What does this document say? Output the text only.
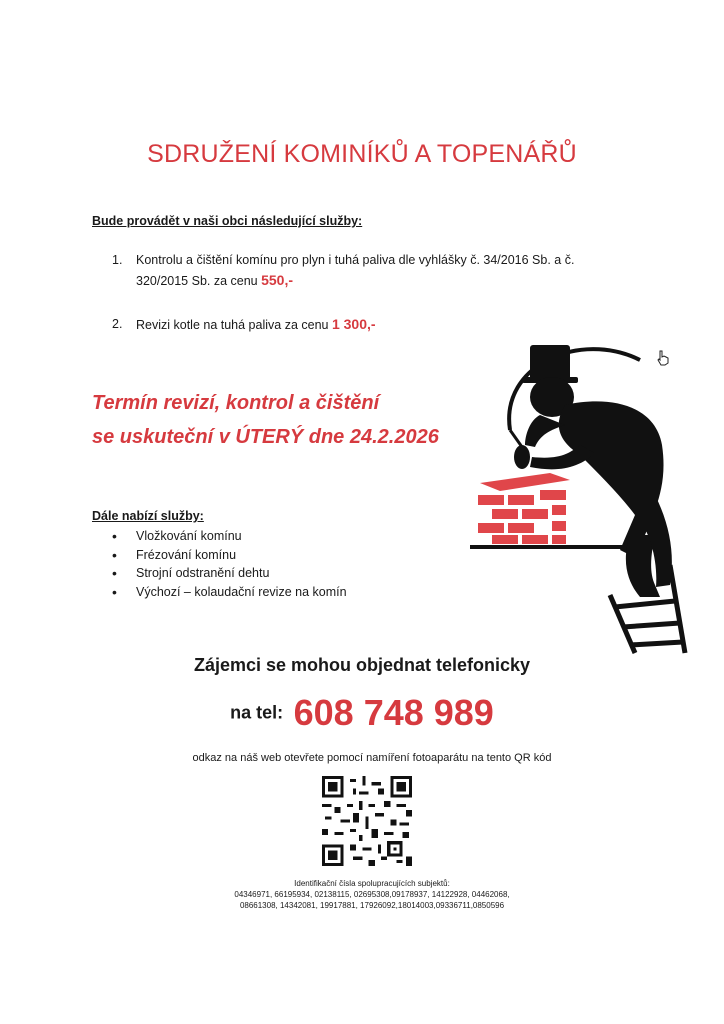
SDRUŽENÍ KOMINÍKŮ A TOPENÁŘŮ
Bude provádět v naši obci následující služby:
1. Kontrolu a čištění komínu pro plyn i tuhá paliva dle vyhlášky č. 34/2016 Sb. a č. 320/2015 Sb. za cenu 550,-
2. Revizi kotle na tuhá paliva za cenu 1 300,-
Termín revizí, kontrol a čištění
se uskuteční v ÚTERÝ dne 24.2.2026
Dále nabízí služby:
• Vložkování komínu
• Frézování komínu
• Strojní odstranění dehtu
• Výchozí – kolaudační revize na komín
Zájemci se mohou objednat telefonicky
na tel: 608 748 989
odkaz na náš web otevřete pomocí namíření fotoaparátu na tento QR kód
Identifikační čísla spolupracujících subjektů:
04346971, 66195934, 02138115, 02695308,09178937, 14122928, 04462068,
08661308, 14342081, 19917881, 17926092,18014003,09336711,0850596
